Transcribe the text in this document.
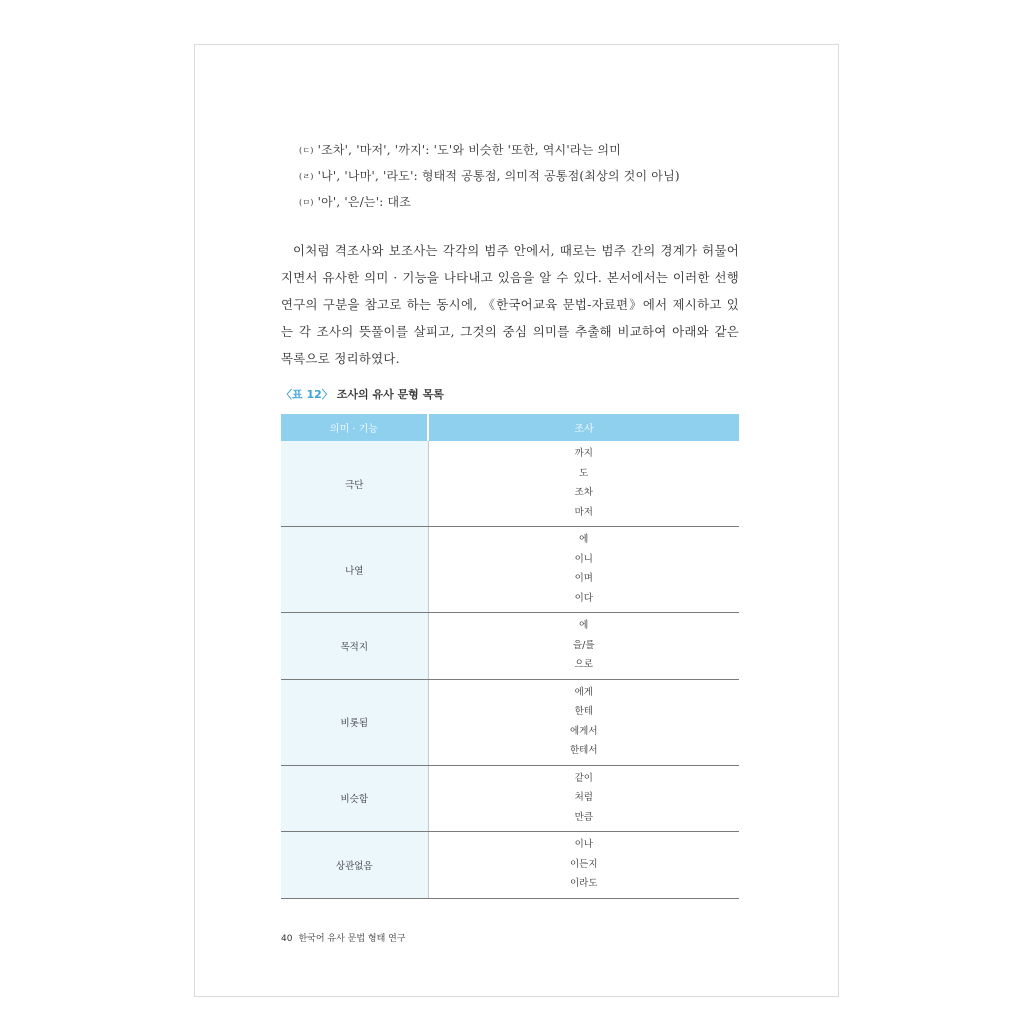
(ㄷ) '조차', '마저', '까지': '도'와 비슷한 '또한, 역시'라는 의미
(ㄹ) '나', '나마', '라도': 형태적 공통점, 의미적 공통점(최상의 것이 아님)
(ㅁ) '아', '은/는': 대조

이처럼 격조사와 보조사는 각각의 범주 안에서, 때로는 범주 간의 경계가 허물어지면서 유사한 의미 · 기능을 나타내고 있음을 알 수 있다. 본서에서는 이러한 선행연구의 구분을 참고로 하는 동시에, 《한국어교육 문법-자료편》에서 제시하고 있는 각 조사의 뜻풀이를 살피고, 그것의 중심 의미를 추출해 비교하여 아래와 같은 목록으로 정리하였다.

〈표 12〉 조사의 유사 문형 목록
의미 · 기능	조사
극단	까지
도
조차
마저

나열	에
이니
이며
이다

목적지	에
을/를
으로

비롯됨	에게
한테
에게서
한테서

비슷함	같이
처럼
만큼

상관없음	이나
이든지
이라도
40 한국어 유사 문법 형태 연구
